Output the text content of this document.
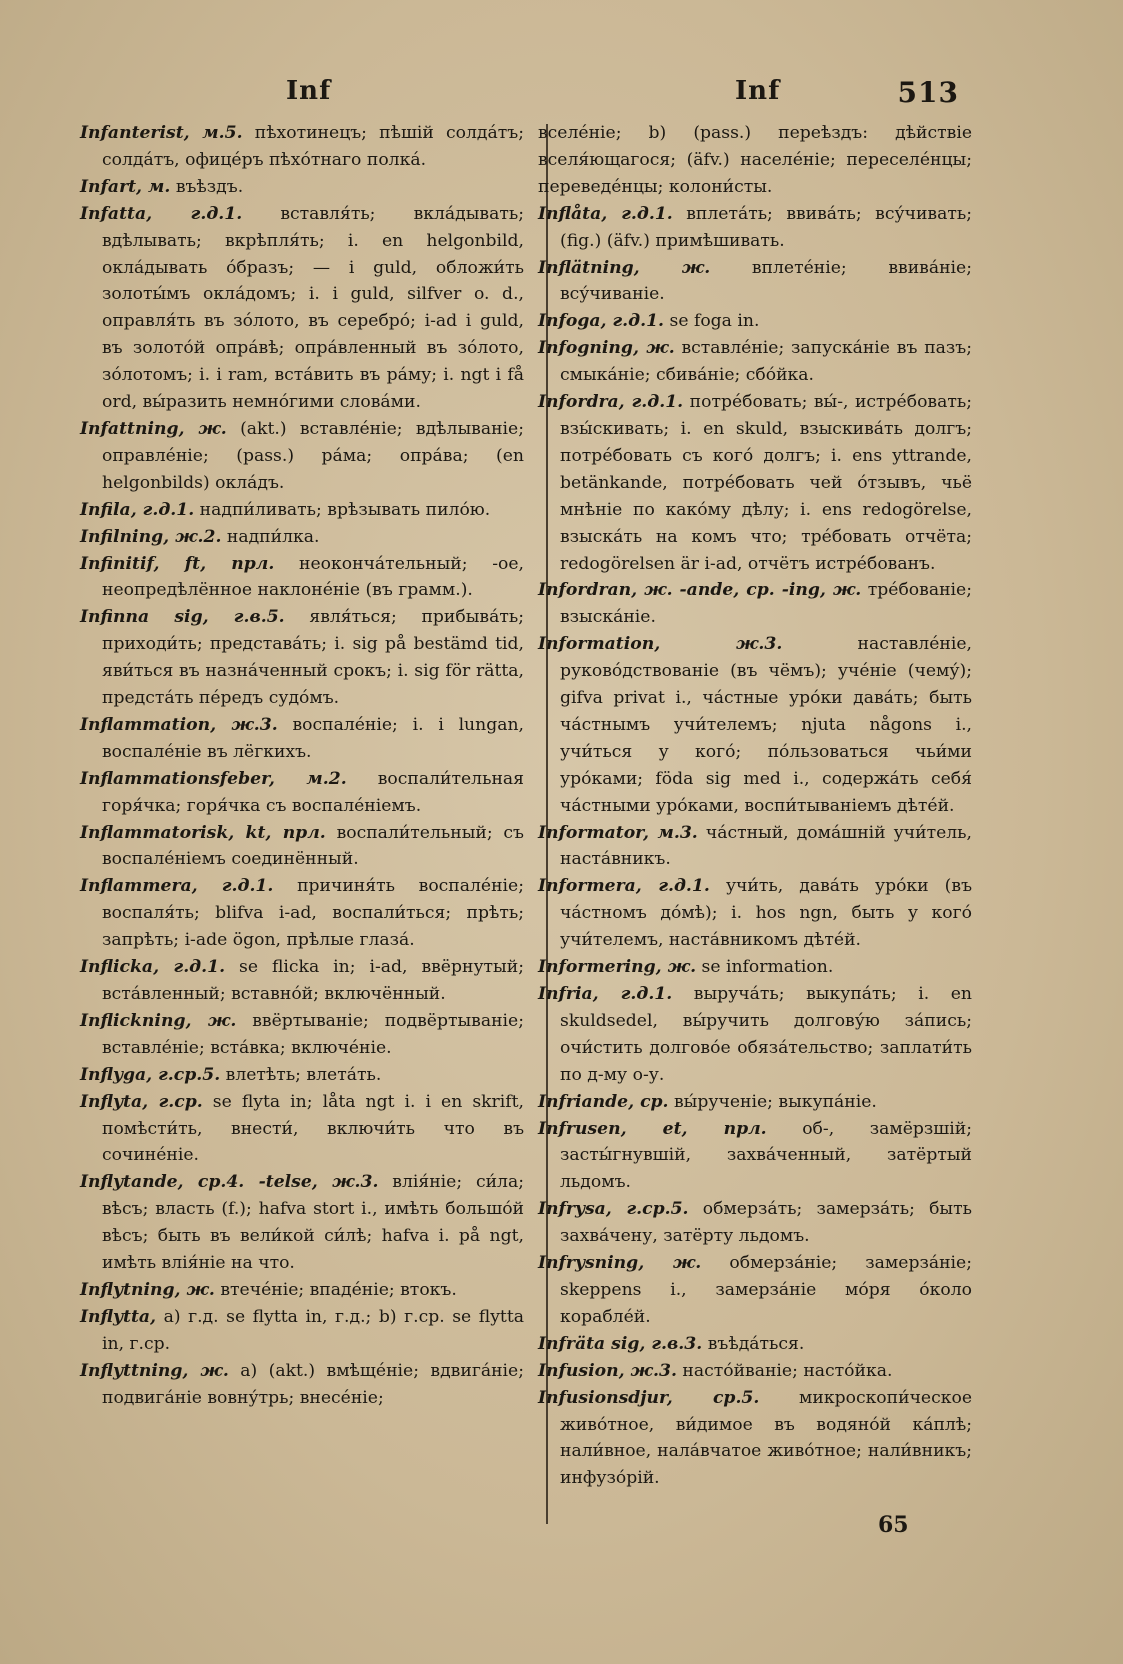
Inf	Inf	513

Infanterist, м.5. пѣхотинецъ; пѣшій солдáтъ; солдáтъ, офицéръ пѣхóтнаго полкá.

Infart, м. въѣздъ.

Infatta, г.д.1. вставля́ть; вкла́дывать; вдѣлывать; вкрѣпля́ть; i. en helgonbild, окла́дывать óбразъ; — i guld, обложи́ть золоты́мъ окла́домъ; i. i guld, silfver o. d., оправля́ть въ зóлото, въ серебрó; i-ad i guld, въ золото́й опра́вѣ; опра́вленный въ зóлото, зóлотомъ; i. i ram, вста́вить въ ра́му; i. ngt i få ord, вы́разить немнóгими словáми.

Infattning, ж. (akt.) вставлéніе; вдѣлываніе; оправлéніе; (pass.) ра́ма; опра́ва; (en helgonbilds) окла́дъ.

Infila, г.д.1. надпи́ливать; врѣзывать пило́ю.

Infilning, ж.2. надпи́лка.

Infinitif, ft, прл. неоконча́тельный; -oe, неопредѣлённое наклонéніе (въ грамм.).

Infinna sig, г.в.5. явля́ться; прибыва́ть; приходи́ть; представа́ть; i. sig på bestämd tid, яви́ться въ назна́ченный срокъ; i. sig för rätta, предста́ть пéредъ судóмъ.

Inflammation, ж.3. воспалéніе; i. i lungan, воспалéніе въ лёгкихъ.

Inflammationsfeber, м.2. воспали́тельная горя́чка; горя́чка съ воспалéніемъ.

Inflammatorisk, kt, прл. воспали́тельный; съ воспалéніемъ соединённый.

Inflammera, г.д.1. причиня́ть воспалéніе; воспаля́ть; blifva i-ad, воспали́ться; прѣть; запрѣть; i-ade ögon, прѣлые глаза́.

Inflicka, г.д.1. se flicka in; i-ad, ввёрнутый; вста́вленный; вставно́й; включённый.

Inflickning, ж. ввёртываніе; подвёртываніе; вставлéніе; вста́вка; включéніе.

Inflyga, г.ср.5. влетѣть; влета́ть.

Inflyta, г.ср. se flyta in; låta ngt i. i en skrift, помѣсти́ть, внести́, включи́ть что въ сочинéніе.

Inflytande, ср.4. -telse, ж.3. влія́ніе; си́ла; вѣсъ; власть (f.); hafva stort i., имѣть большо́й вѣсъ; быть въ вели́кой си́лѣ; hafva i. på ngt, имѣть влія́ніе на что.

Inflytning, ж. втечéніе; впадéніе; втокъ.

Inflytta, a) г.д. se flytta in, г.д.; b) г.ср. se flytta in, г.ср.

Inflyttning, ж. a) (akt.) вмѣщéніе; вдвига́ніе; подвига́ніе вовну́трь; внесéніе;

вселéніе; b) (pass.) переѣздъ: дѣйствіе вселя́ющагося; (äfv.) населéніе; переселéнцы; переведéнцы; колони́сты.

Inflåta, г.д.1. вплета́ть; ввива́ть; всу́чивать; (fig.) (äfv.) примѣшивать.

Inflätning, ж. вплетéніе; ввива́ніе; всу́чиваніе.

Infoga, г.д.1. se foga in.

Infogning, ж. вставлéніе; запуска́ніе въ пазъ; смыка́ніе; сбива́ніе; сбо́йка.

Infordra, г.д.1. потрéбовать; вы́-, истрéбовать; взы́скивать; i. en skuld, взыскива́ть долгъ; потрéбовать съ кого́ долгъ; i. ens yttrande, betänkande, потрéбовать чей о́тзывъ, чьё мнѣніе по како́му дѣлу; i. ens redogörelse, взыска́ть на комъ что; трéбовать отчёта; redogörelsen är i-ad, отчётъ истрéбованъ.

Infordran, ж. -ande, ср. -ing, ж. трéбованіе; взыска́ніе.

Information, ж.3. наставлéніе, руковóдствованіе (въ чёмъ); учéніе (чему́); gifva privat i., ча́стные уро́ки дава́ть; быть ча́стнымъ учи́телемъ; njuta någons i., учи́ться у кого́; по́льзоваться чьи́ми уро́ками; föda sig med i., содержа́ть себя́ ча́стными уро́ками, воспи́тываніемъ дѣтéй.

Informator, м.3. ча́стный, дома́шній учи́тель, наста́вникъ.

Informera, г.д.1. учи́ть, дава́ть уро́ки (въ ча́стномъ до́мѣ); i. hos ngn, быть у кого́ учи́телемъ, наста́вникомъ дѣтéй.

Informering, ж. se information.

Infria, г.д.1. выруча́ть; выкупа́ть; i. en skuldsedel, вы́ручить долгову́ю за́пись; очи́стить долгово́е обяза́тельство; заплати́ть по д-му о-у.

Infriande, ср. вы́рученіе; выкупа́ніе.

Infrusen, et, прл. об-, замёрзшій; засты́гнувшій, захва́ченный, затёртый льдомъ.

Infrysa, г.ср.5. обмерза́ть; замерза́ть; быть захва́чену, затёрту льдомъ.

Infrysning, ж. обмерза́ніе; замерза́ніе; skeppens i., замерза́ніе мо́ря о́коло корабле́й.

Infräta sig, г.в.3. въѣда́ться.

Infusion, ж.3. насто́йваніе; насто́йка.

Infusionsdjur, ср.5. микроскопи́ческое живо́тное, ви́димое въ водяно́й ка́плѣ; нали́вное, нала́вчатое живо́тное; нали́вникъ; инфузо́рій.

65
